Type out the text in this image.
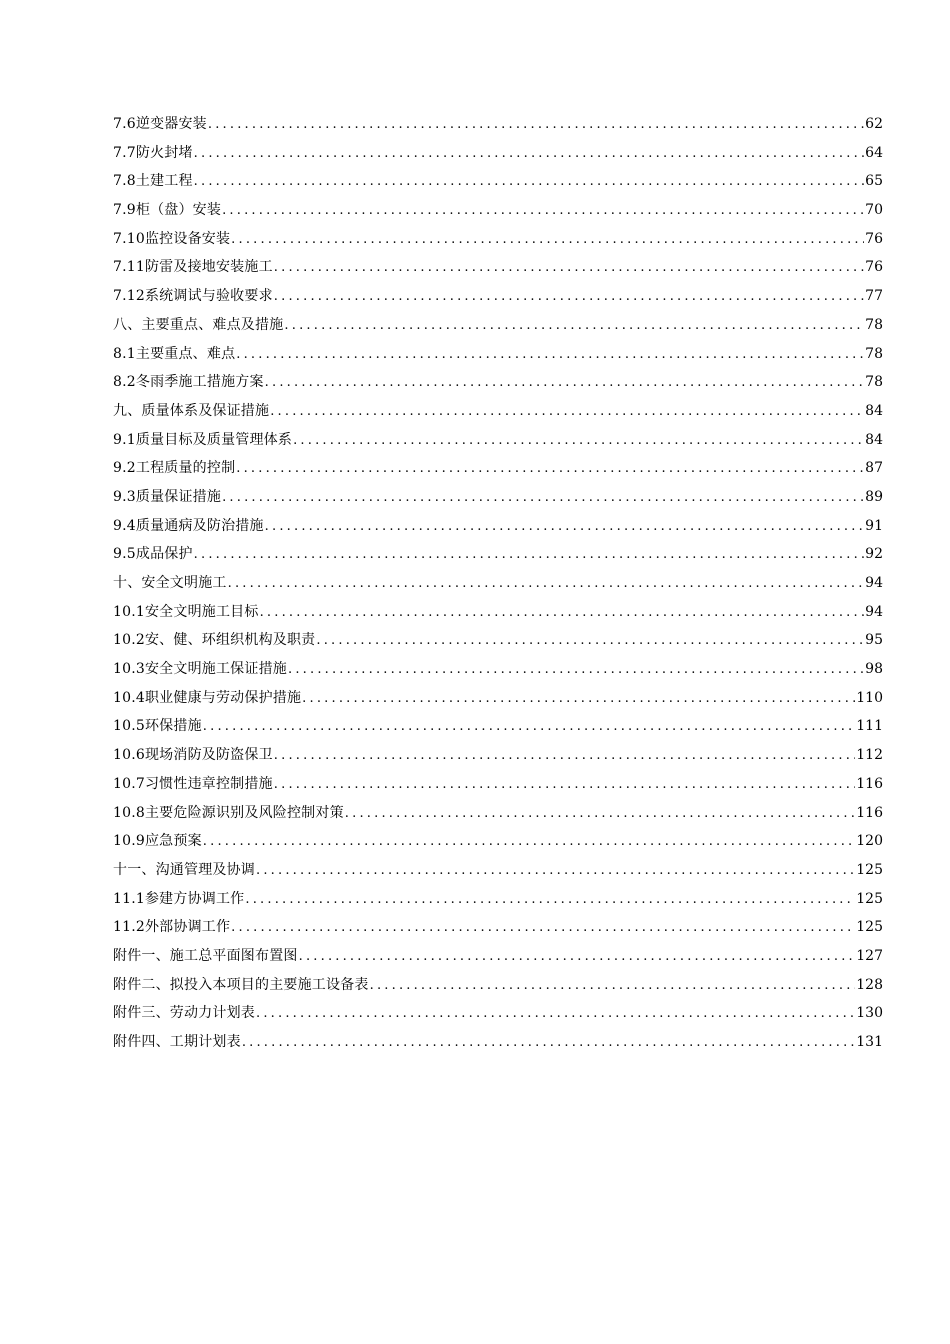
7.6逆变器安装 .....	62
7.7防火封堵 .....	64
7.8土建工程 .....	65
7.9柜（盘）安装 .....	70
7.10监控设备安装 .....	76
7.11防雷及接地安装施工 .....	76
7.12系统调试与验收要求 .....	77
八、主要重点、难点及措施 .....	78
8.1主要重点、难点 .....	78
8.2冬雨季施工措施方案 .....	78
九、质量体系及保证措施 .....	84
9.1质量目标及质量管理体系 .....	84
9.2工程质量的控制 .....	87
9.3质量保证措施 .....	89
9.4质量通病及防治措施 .....	91
9.5成品保护 .....	92
十、安全文明施工 .....	94
10.1安全文明施工目标 .....	94
10.2安、健、环组织机构及职责 .....	95
10.3安全文明施工保证措施 .....	98
10.4职业健康与劳动保护措施 .....	110
10.5环保措施 .....	111
10.6现场消防及防盗保卫 .....	112
10.7习惯性违章控制措施 .....	116
10.8主要危险源识别及风险控制对策 .....	116
10.9应急预案 .....	120
十一、沟通管理及协调 .....	125
11.1参建方协调工作 .....	125
11.2外部协调工作 .....	125
附件一、施工总平面图布置图 .....	127
附件二、拟投入本项目的主要施工设备表 .....	128
附件三、劳动力计划表 .....	130
附件四、工期计划表 .....	131
